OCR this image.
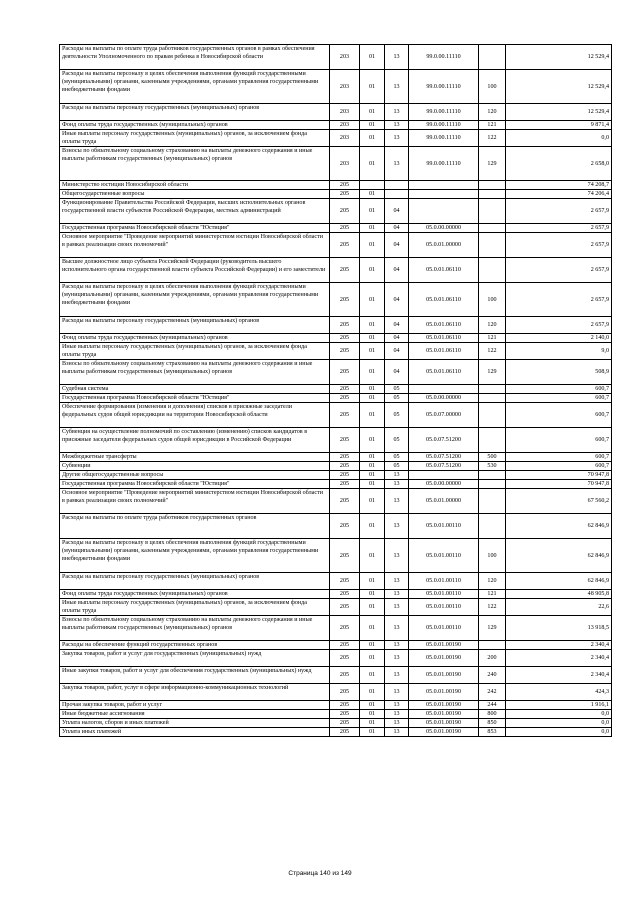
Расходы на выплаты по оплате труда работников государственных органов в рамках обеспечения деятельности Уполномоченного по правам ребенка в Новосибирской области	203	01	13	99.0.00.11110		12 529,4
Расходы на выплаты персоналу в целях обеспечения выполнения функций государственными (муниципальными) органами, казенными учреждениями, органами управления государственными внебюджетными фондами	203	01	13	99.0.00.11110	100	12 529,4
Расходы на выплаты персоналу государственных (муниципальных) органов	203	01	13	99.0.00.11110	120	12 529,4
Фонд оплаты труда государственных (муниципальных) органов	203	01	13	99.0.00.11110	121	9 871,4
Иные выплаты персоналу государственных (муниципальных) органов, за исключением фонда оплаты труда	203	01	13	99.0.00.11110	122	0,0
Взносы по обязательному социальному страхованию на выплаты денежного содержания и иные выплаты работникам государственных (муниципальных) органов	203	01	13	99.0.00.11110	129	2 658,0
Министерство юстиции Новосибирской области	205					74 208,7
Общегосударственные вопросы	205	01				74 206,4
Функционирование Правительства Российской Федерации, высших исполнительных органов государственной власти субъектов Российской Федерации, местных администраций	205	01	04			2 657,9
Государственная программа Новосибирской области "Юстиция"	205	01	04	05.0.00.00000		2 657,9
Основное мероприятие "Проведение мероприятий министерством юстиции Новосибирской области в рамках реализации своих полномочий"	205	01	04	05.0.01.00000		2 657,9
Высшее должностное лицо субъекта Российской Федерации (руководитель высшего исполнительного органа государственной власти субъекта Российской Федерации) и его заместители	205	01	04	05.0.01.06110		2 657,9
Расходы на выплаты персоналу в целях обеспечения выполнения функций государственными (муниципальными) органами, казенными учреждениями, органами управления государственными внебюджетными фондами	205	01	04	05.0.01.06110	100	2 657,9
Расходы на выплаты персоналу государственных (муниципальных) органов	205	01	04	05.0.01.06110	120	2 657,9
Фонд оплаты труда государственных (муниципальных) органов	205	01	04	05.0.01.06110	121	2 140,0
Иные выплаты персоналу государственных (муниципальных) органов, за исключением фонда оплаты труда	205	01	04	05.0.01.06110	122	9,0
Взносы по обязательному социальному страхованию на выплаты денежного содержания и иные выплаты работникам государственных (муниципальных) органов	205	01	04	05.0.01.06110	129	508,9
Судебная система	205	01	05			600,7
Государственная программа Новосибирской области "Юстиция"	205	01	05	05.0.00.00000		600,7
Обеспечение формирования (изменения и дополнения) списков в присяжные заседатели федеральных судов общей юрисдикции на территории Новосибирской области	205	01	05	05.0.07.00000		600,7
Субвенция на осуществление полномочий по составлению (изменению) списков кандидатов в присяжные заседатели федеральных судов общей юрисдикции в Российской Федерации	205	01	05	05.0.07.51200		600,7
Межбюджетные трансферты	205	01	05	05.0.07.51200	500	600,7
Субвенции	205	01	05	05.0.07.51200	530	600,7
Другие общегосударственные вопросы	205	01	13			70 947,8
Государственная программа Новосибирской области "Юстиция"	205	01	13	05.0.00.00000		70 947,8
Основное мероприятие "Проведение мероприятий министерством юстиции Новосибирской области в рамках реализации своих полномочий"	205	01	13	05.0.01.00000		67 560,2
Расходы на выплаты по оплате труда работников государственных органов	205	01	13	05.0.01.00110		62 846,9
Расходы на выплаты персоналу в целях обеспечения выполнения функций государственными (муниципальными) органами, казенными учреждениями, органами управления государственными внебюджетными фондами	205	01	13	05.0.01.00110	100	62 846,9
Расходы на выплаты персоналу государственных (муниципальных) органов	205	01	13	05.0.01.00110	120	62 846,9
Фонд оплаты труда государственных (муниципальных) органов	205	01	13	05.0.01.00110	121	48 905,8
Иные выплаты персоналу государственных (муниципальных) органов, за исключением фонда оплаты труда	205	01	13	05.0.01.00110	122	22,6
Взносы по обязательному социальному страхованию на выплаты денежного содержания и иные выплаты работникам государственных (муниципальных) органов	205	01	13	05.0.01.00110	129	13 918,5
Расходы на обеспечение функций государственных органов	205	01	13	05.0.01.00190		2 340,4
Закупка товаров, работ и услуг для государственных (муниципальных) нужд	205	01	13	05.0.01.00190	200	2 340,4
Иные закупки товаров, работ и услуг для обеспечения государственных (муниципальных) нужд	205	01	13	05.0.01.00190	240	2 340,4
Закупка товаров, работ, услуг в сфере информационно-коммуникационных технологий	205	01	13	05.0.01.00190	242	424,3
Прочая закупка товаров, работ и услуг	205	01	13	05.0.01.00190	244	1 916,1
Иные бюджетные ассигнования	205	01	13	05.0.01.00190	800	0,0
Уплата налогов, сборов и иных платежей	205	01	13	05.0.01.00190	850	0,0
Уплата иных платежей	205	01	13	05.0.01.00190	853	0,0
Страница 140 из 149
